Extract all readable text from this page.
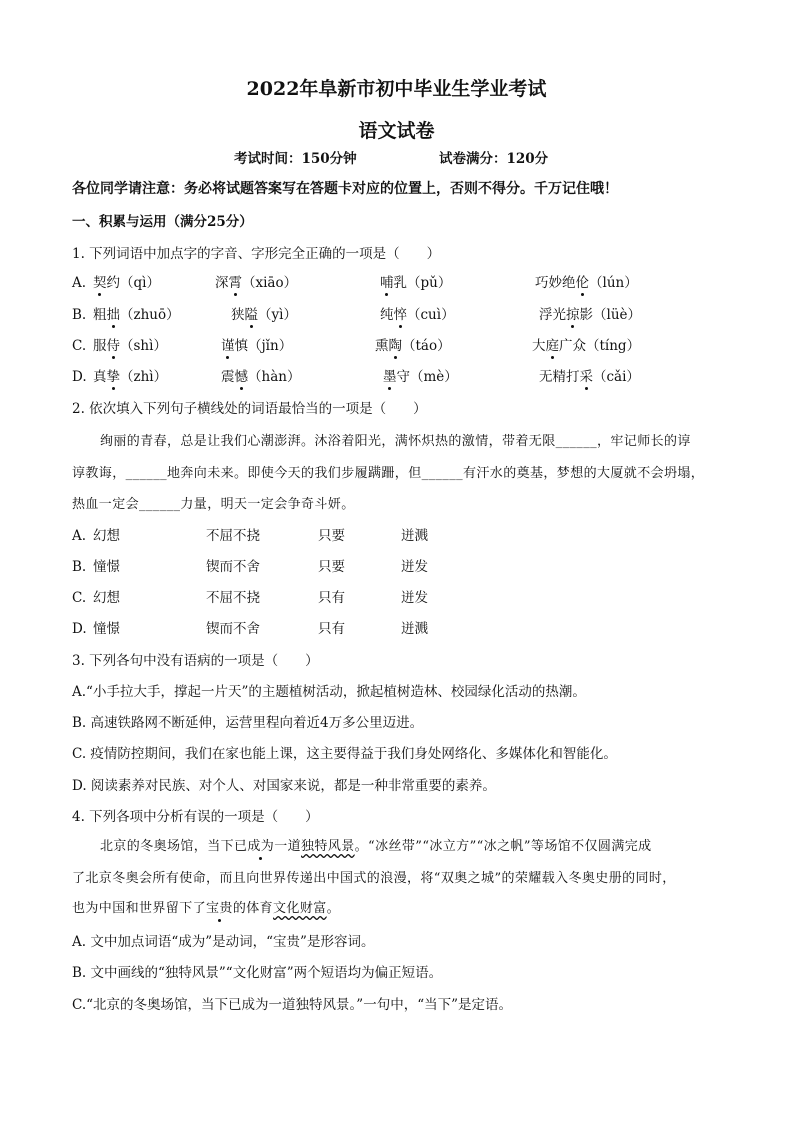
2022年阜新市初中毕业生学业考试
语文试卷
考试时间：150分钟	试卷满分：120分
各位同学请注意：务必将试题答案写在答题卡对应的位置上，否则不得分。千万记住哦！
一、积累与运用（满分25分）
1. 下列词语中加点字的字音、字形完全正确的一项是（　　）
A. 契约（qì）	深霄（xiāo）	哺乳（pǔ）	巧妙绝伦（lún）
B. 粗拙（zhuō）	狭隘（yì）	纯悴（cuì）	浮光掠影（lüè）
C. 服侍（shì）	谨慎（jǐn）	熏陶（táo）	大庭广众（tíng）
D. 真挚（zhì）	震憾（hàn）	墨守（mè）	无精打采（cǎi）
2. 依次填入下列句子横线处的词语最恰当的一项是（　　）
绚丽的青春，总是让我们心潮澎湃。沐浴着阳光，满怀炽热的激情，带着无限______，牢记师长的谆
谆教诲，______地奔向未来。即使今天的我们步履蹒跚，但______有汗水的奠基，梦想的大厦就不会坍塌，
热血一定会______力量，明天一定会争奇斗妍。
A. 幻想	不屈不挠	只要	迸溅
B. 憧憬	锲而不舍	只要	迸发
C. 幻想	不屈不挠	只有	迸发
D. 憧憬	锲而不舍	只有	迸溅
3. 下列各句中没有语病的一项是（　　）
A.“小手拉大手，撑起一片天”的主题植树活动，掀起植树造林、校园绿化活动的热潮。
B. 高速铁路网不断延伸，运营里程向着近4万多公里迈进。
C. 疫情防控期间，我们在家也能上课，这主要得益于我们身处网络化、多媒体化和智能化。
D. 阅读素养对民族、对个人、对国家来说，都是一种非常重要的素养。
4. 下列各项中分析有误的一项是（　　）
北京的冬奥场馆，当下已成为一道独特风景。“冰丝带”“冰立方”“冰之帆”等场馆不仅圆满完成
了北京冬奥会所有使命，而且向世界传递出中国式的浪漫，将“双奥之城”的荣耀载入冬奥史册的同时，
也为中国和世界留下了宝贵的体育文化财富。
A. 文中加点词语“成为”是动词，“宝贵”是形容词。
B. 文中画线的“独特风景”“文化财富”两个短语均为偏正短语。
C.“北京的冬奥场馆，当下已成为一道独特风景。”一句中，“当下”是定语。
